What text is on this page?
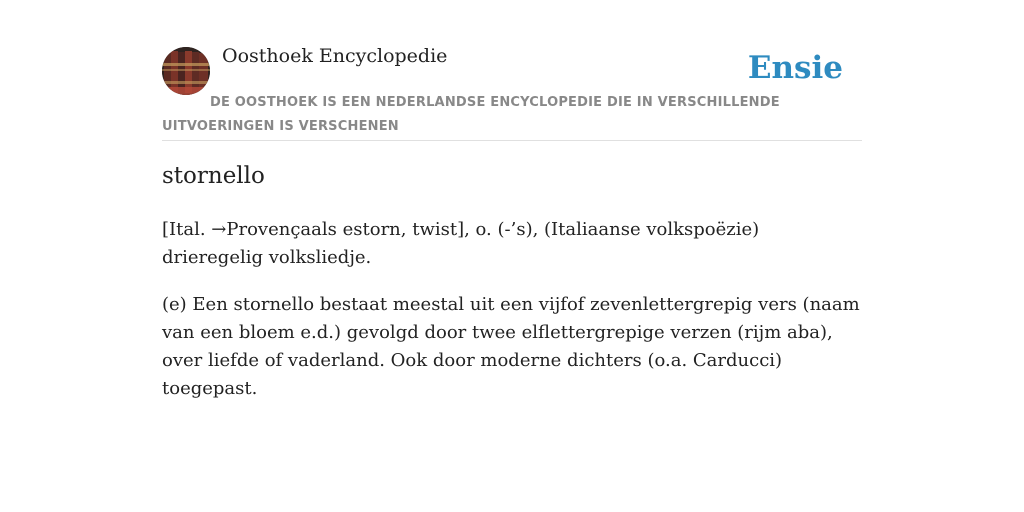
Oosthoek Encyclopedie	Ensie
DE OOSTHOEK IS EEN NEDERLANDSE ENCYCLOPEDIE DIE IN VERSCHILLENDE UITVOERINGEN IS VERSCHENEN
stornello

[Ital. →Provençaals estorn, twist], o. (-’s), (Italiaanse volkspoëzie) drieregelig volksliedje.

(e) Een stornello bestaat meestal uit een vijfof zevenlettergrepig vers (naam van een bloem e.d.) gevolgd door twee elflettergrepige verzen (rijm aba), over liefde of vaderland. Ook door moderne dichters (o.a. Carducci) toegepast.
